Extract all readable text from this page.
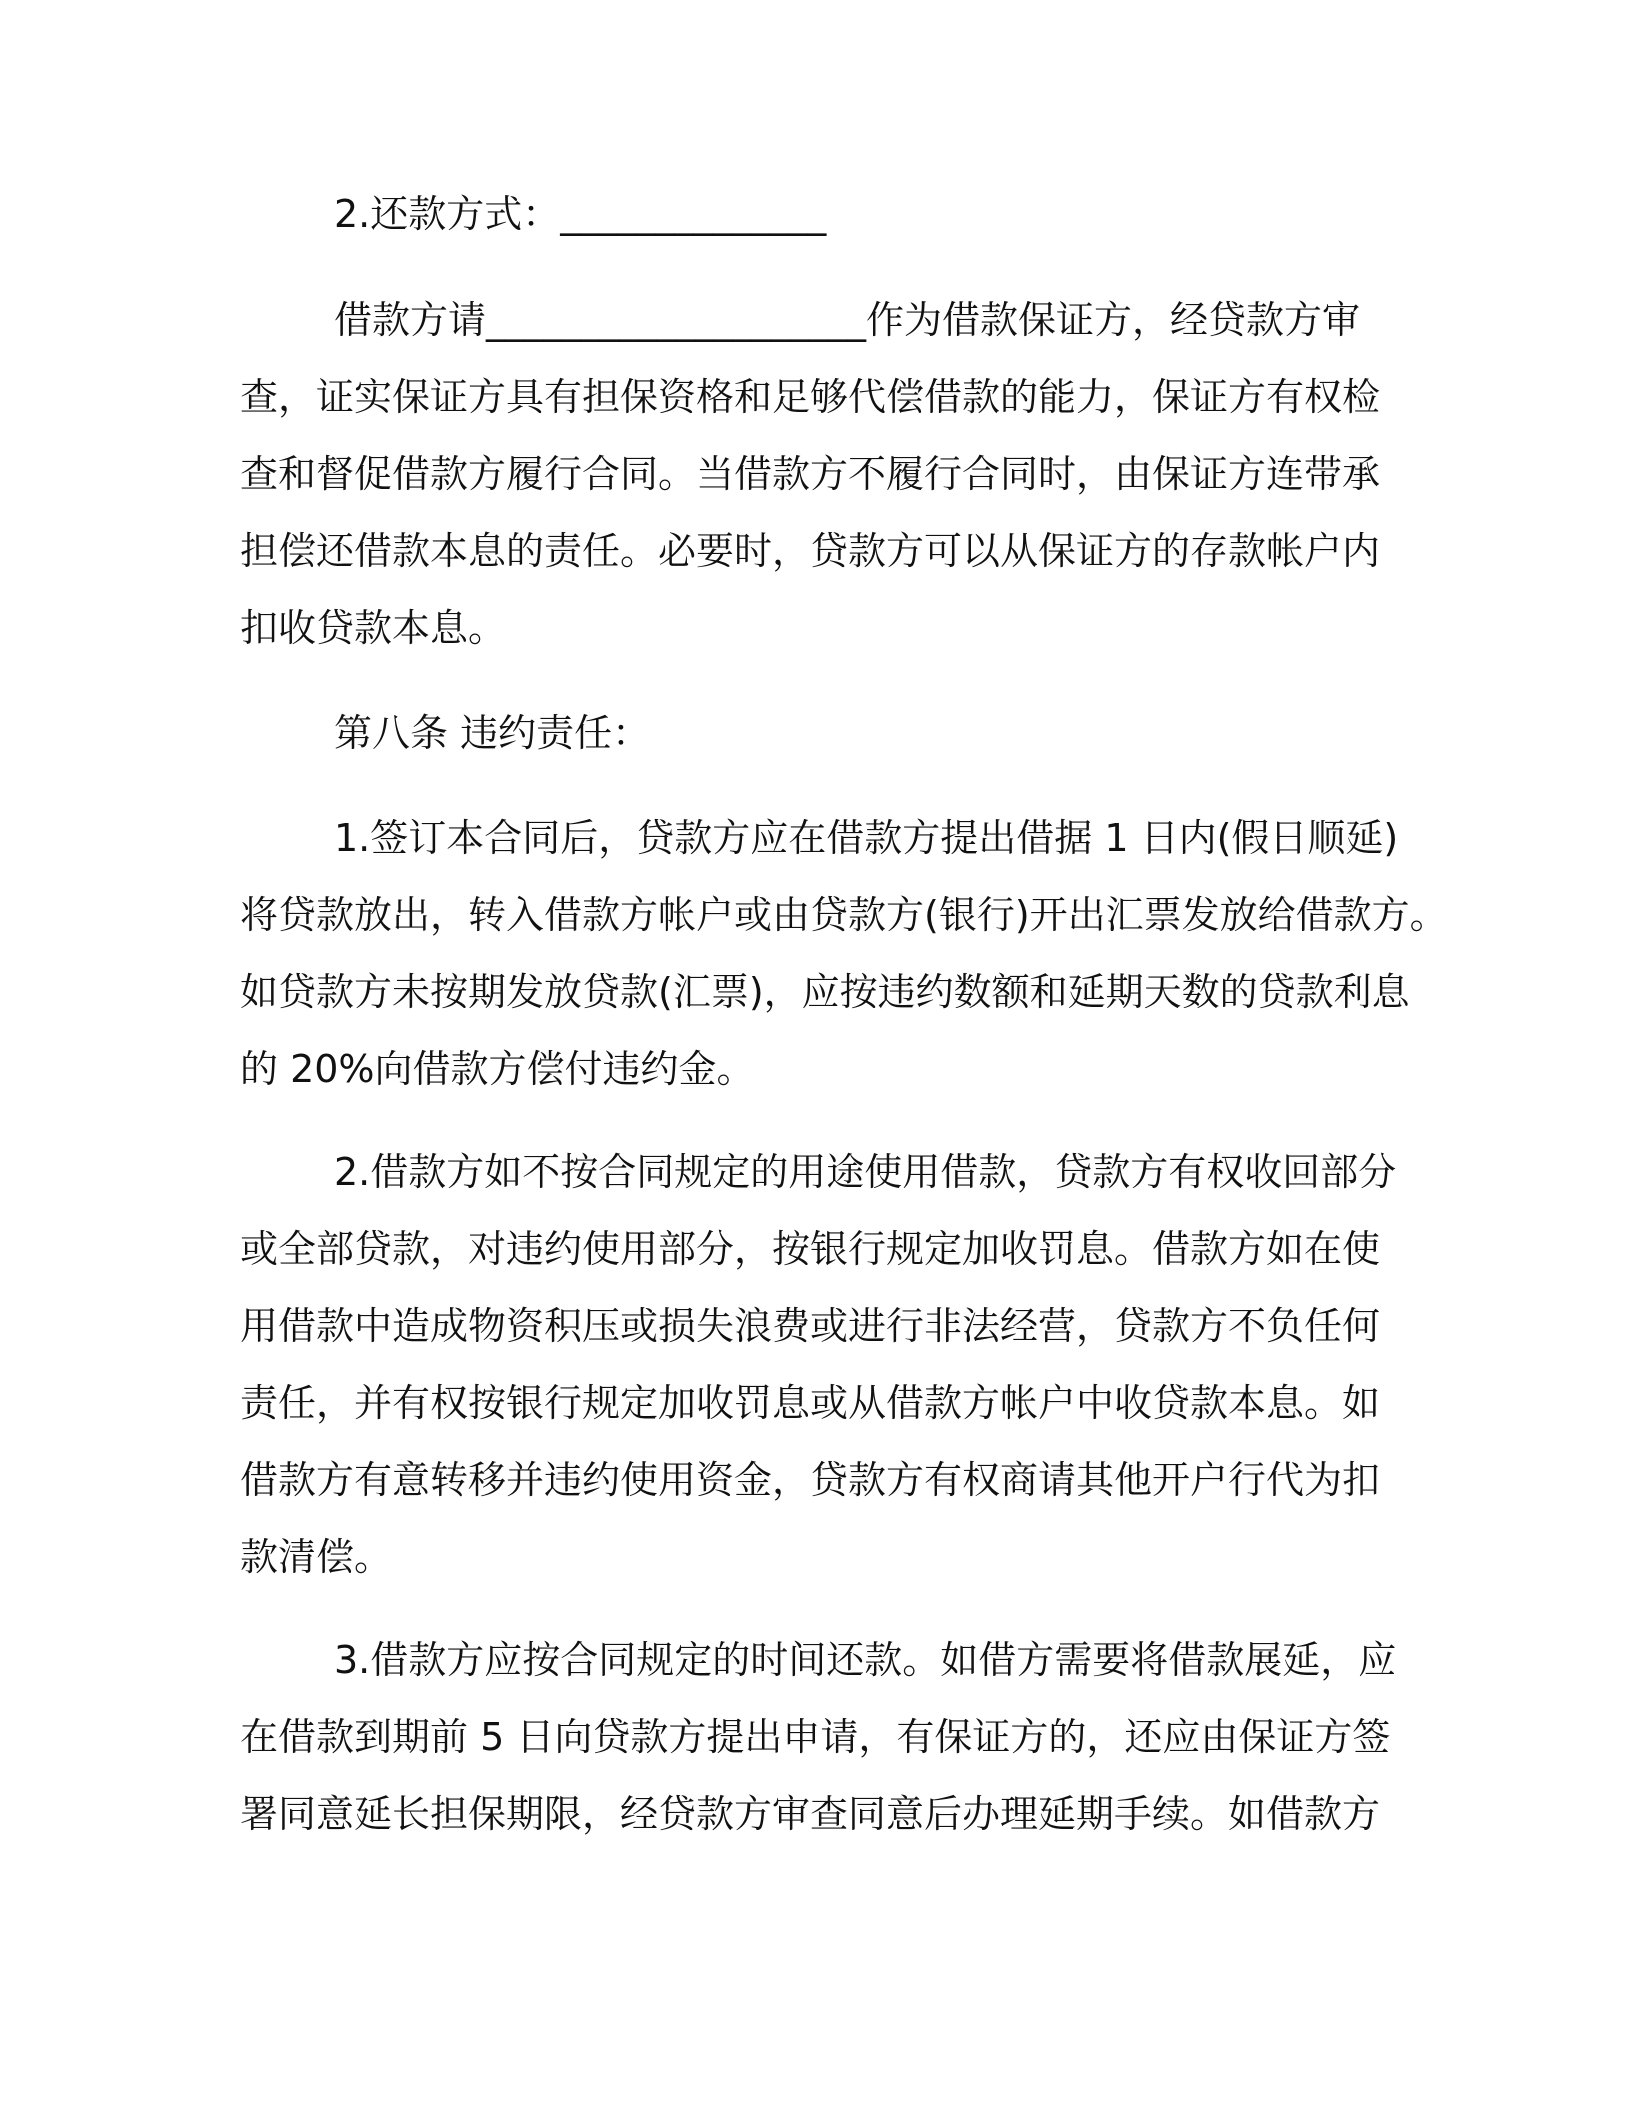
2.还款方式：______________

借款方请____________________作为借款保证方，经贷款方审

查，证实保证方具有担保资格和足够代偿借款的能力，保证方有权检

查和督促借款方履行合同。当借款方不履行合同时，由保证方连带承

担偿还借款本息的责任。必要时，贷款方可以从保证方的存款帐户内

扣收贷款本息。

第八条 违约责任：

1.签订本合同后，贷款方应在借款方提出借据 1 日内(假日顺延)

将贷款放出，转入借款方帐户或由贷款方(银行)开出汇票发放给借款方。

如贷款方未按期发放贷款(汇票)，应按违约数额和延期天数的贷款利息

的 20%向借款方偿付违约金。

2.借款方如不按合同规定的用途使用借款，贷款方有权收回部分

或全部贷款，对违约使用部分，按银行规定加收罚息。借款方如在使

用借款中造成物资积压或损失浪费或进行非法经营，贷款方不负任何

责任，并有权按银行规定加收罚息或从借款方帐户中收贷款本息。如

借款方有意转移并违约使用资金，贷款方有权商请其他开户行代为扣

款清偿。

3.借款方应按合同规定的时间还款。如借方需要将借款展延，应

在借款到期前 5 日向贷款方提出申请，有保证方的，还应由保证方签

署同意延长担保期限，经贷款方审查同意后办理延期手续。如借款方
